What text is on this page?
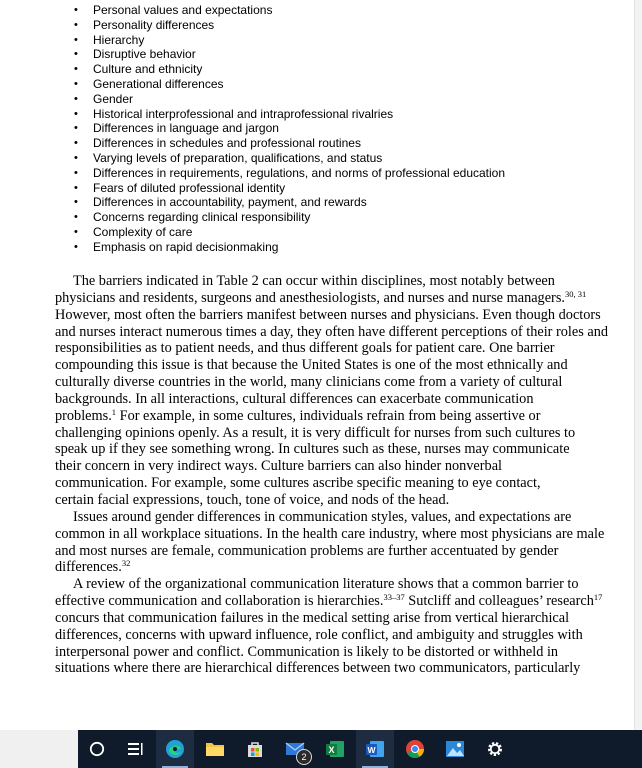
• Personal values and expectations
• Personality differences
• Hierarchy
• Disruptive behavior
• Culture and ethnicity
• Generational differences
• Gender
• Historical interprofessional and intraprofessional rivalries
• Differences in language and jargon
• Differences in schedules and professional routines
• Varying levels of preparation, qualifications, and status
• Differences in requirements, regulations, and norms of professional education
• Fears of diluted professional identity
• Differences in accountability, payment, and rewards
• Concerns regarding clinical responsibility
• Complexity of care
• Emphasis on rapid decisionmaking
The barriers indicated in Table 2 can occur within disciplines, most notably between
physicians and residents, surgeons and anesthesiologists, and nurses and nurse managers.$^{30, 31}$
However, most often the barriers manifest between nurses and physicians. Even though doctors
and nurses interact numerous times a day, they often have different perceptions of their roles and
responsibilities as to patient needs, and thus different goals for patient care. One barrier
compounding this issue is that because the United States is one of the most ethnically and
culturally diverse countries in the world, many clinicians come from a variety of cultural
backgrounds. In all interactions, cultural differences can exacerbate communication
problems.$^1$ For example, in some cultures, individuals refrain from being assertive or
challenging opinions openly. As a result, it is very difficult for nurses from such cultures to
speak up if they see something wrong. In cultures such as these, nurses may communicate
their concern in very indirect ways. Culture barriers can also hinder nonverbal
communication. For example, some cultures ascribe specific meaning to eye contact,
certain facial expressions, touch, tone of voice, and nods of the head.
Issues around gender differences in communication styles, values, and expectations are
common in all workplace situations. In the health care industry, where most physicians are male
and most nurses are female, communication problems are further accentuated by gender
differences.$^{32}$
A review of the organizational communication literature shows that a common barrier to
effective communication and collaboration is hierarchies.$^{33-37}$ Sutcliff and colleagues’ research$^{17}$
concurs that communication failures in the medical setting arise from vertical hierarchical
differences, concerns with upward influence, role conflict, and ambiguity and struggles with
interpersonal power and conflict. Communication is likely to be distorted or withheld in
situations where there are hierarchical differences between two communicators, particularly
2
X	W
